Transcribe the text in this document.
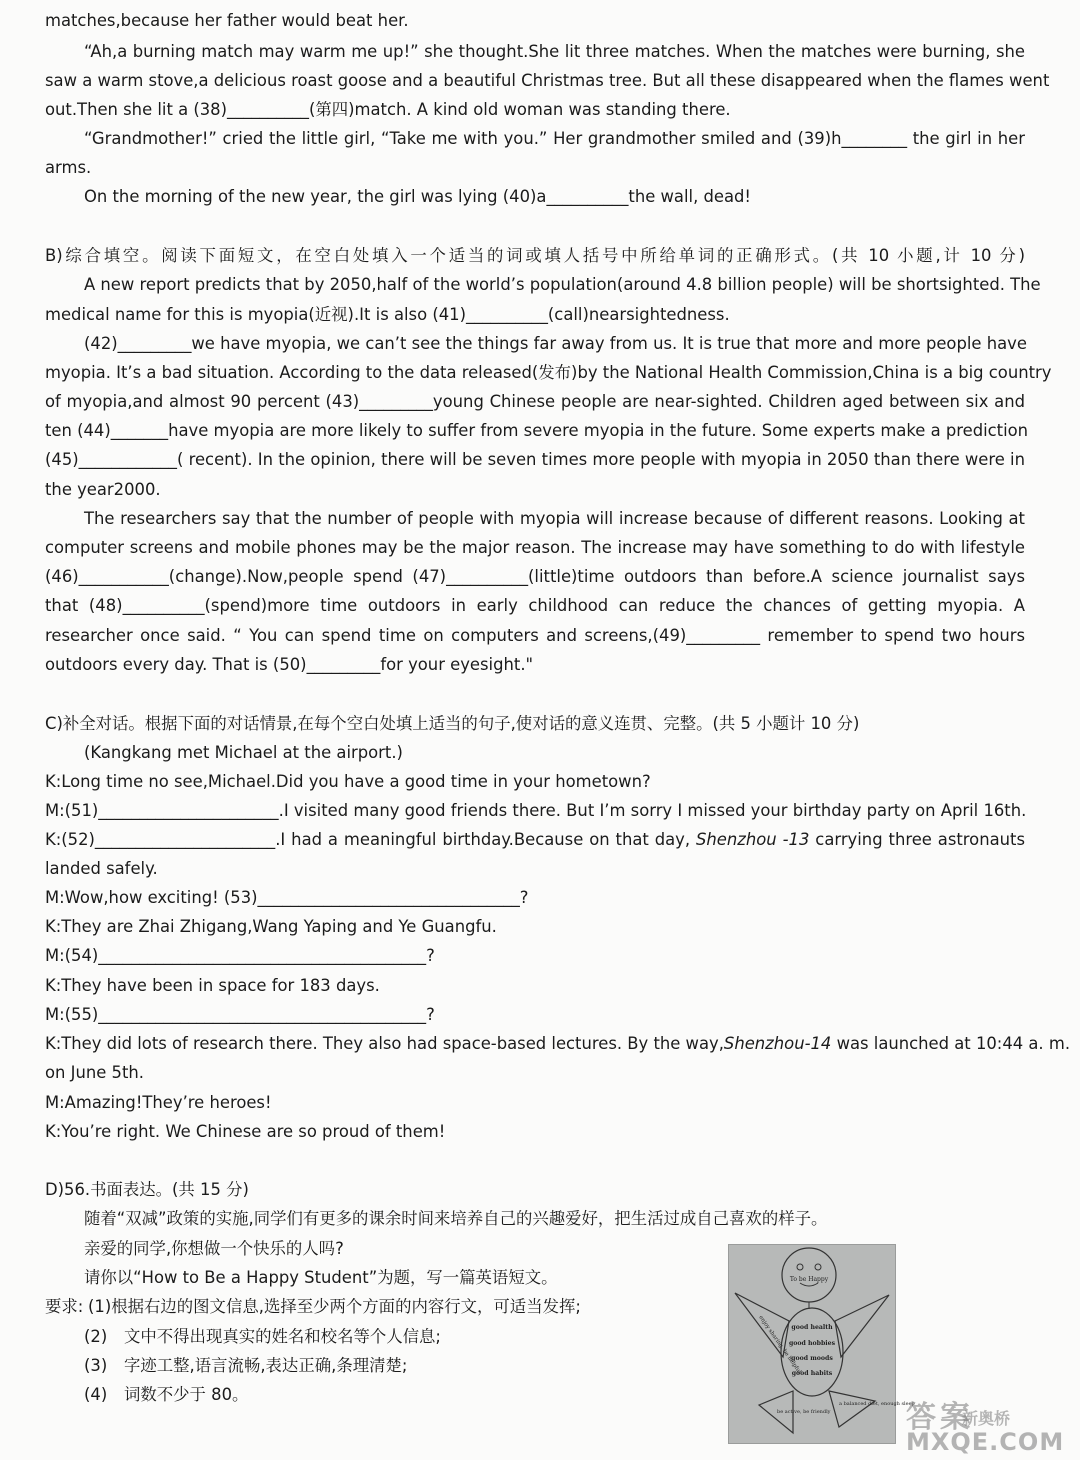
matches,because her father would beat her.
“Ah,a burning match may warm me up!” she thought.She lit three matches. When the matches were burning, she
saw a warm stove,a delicious roast goose and a beautiful Christmas tree. But all these disappeared when the flames went
out.Then she lit a (38)__________(第四)match. A kind old woman was standing there.
“Grandmother!” cried the little girl, “Take me with you.” Her grandmother smiled and (39)h________ the girl in her
arms.
On the morning of the new year, the girl was lying (40)a__________the wall, dead!
B)综合填空。阅读下面短文，在空白处填入一个适当的词或填人括号中所给单词的正确形式。(共 10 小题,计 10 分)
A new report predicts that by 2050,half of the world’s population(around 4.8 billion people) will be shortsighted. The
medical name for this is myopia(近视).It is also (41)__________(call)nearsightedness.
(42)_________we have myopia, we can’t see the things far away from us. It is true that more and more people have
myopia. It’s a bad situation. According to the data released(发布)by the National Health Commission,China is a big country
of myopia,and almost 90 percent (43)_________young Chinese people are near-sighted. Children aged between six and
ten (44)_______have myopia are more likely to suffer from severe myopia in the future. Some experts make a prediction
(45)____________( recent). In the opinion, there will be seven times more people with myopia in 2050 than there were in
the year2000.
The researchers say that the number of people with myopia will increase because of different reasons. Looking at
computer screens and mobile phones may be the major reason. The increase may have something to do with lifestyle
(46)___________(change).Now,people spend (47)__________(little)time outdoors than before.A science journalist says
that (48)__________(spend)more time outdoors in early childhood can reduce the chances of getting myopia. A
researcher once said. “ You can spend time on computers and screens,(49)_________ remember to spend two hours
outdoors every day. That is (50)_________for your eyesight."
C)补全对话。根据下面的对话情景,在每个空白处填上适当的句子,使对话的意义连贯、完整。(共 5 小题计 10 分)
(Kangkang met Michael at the airport.)
K:Long time no see,Michael.Did you have a good time in your hometown?
M:(51)______________________.I visited many good friends there. But I’m sorry I missed your birthday party on April 16th.
K:(52)______________________.I had a meaningful birthday.Because on that day, Shenzhou -13 carrying three astronauts
landed safely.
M:Wow,how exciting! (53)________________________________?
K:They are Zhai Zhigang,Wang Yaping and Ye Guangfu.
M:(54)________________________________________?
K:They have been in space for 183 days.
M:(55)________________________________________?
K:They did lots of research there. They also had space-based lectures. By the way,Shenzhou-14 was launched at 10:44 a. m.
on June 5th.
M:Amazing!They’re heroes!
K:You’re right. We Chinese are so proud of them!
D)56.书面表达。(共 15 分)
随着“双减”政策的实施,同学们有更多的课余时间来培养自己的兴趣爱好，把生活过成自己喜欢的样子。
亲爱的同学,你想做一个快乐的人吗?
请你以“How to Be a Happy Student”为题，写一篇英语短文。
要求: (1)根据右边的图文信息,选择至少两个方面的内容行文，可适当发挥;
(2) 文中不得出现真实的姓名和校名等个人信息;
(3) 字迹工整,语言流畅,表达正确,条理清楚;
(4) 词数不少于 80。
To be Happy
enjoy sharing, be helpful
good health
good hobbies
good moods
good habits
be active, be friendly
a balanced diet, enough sleep
答案
新奥桥
MXQE.COM
